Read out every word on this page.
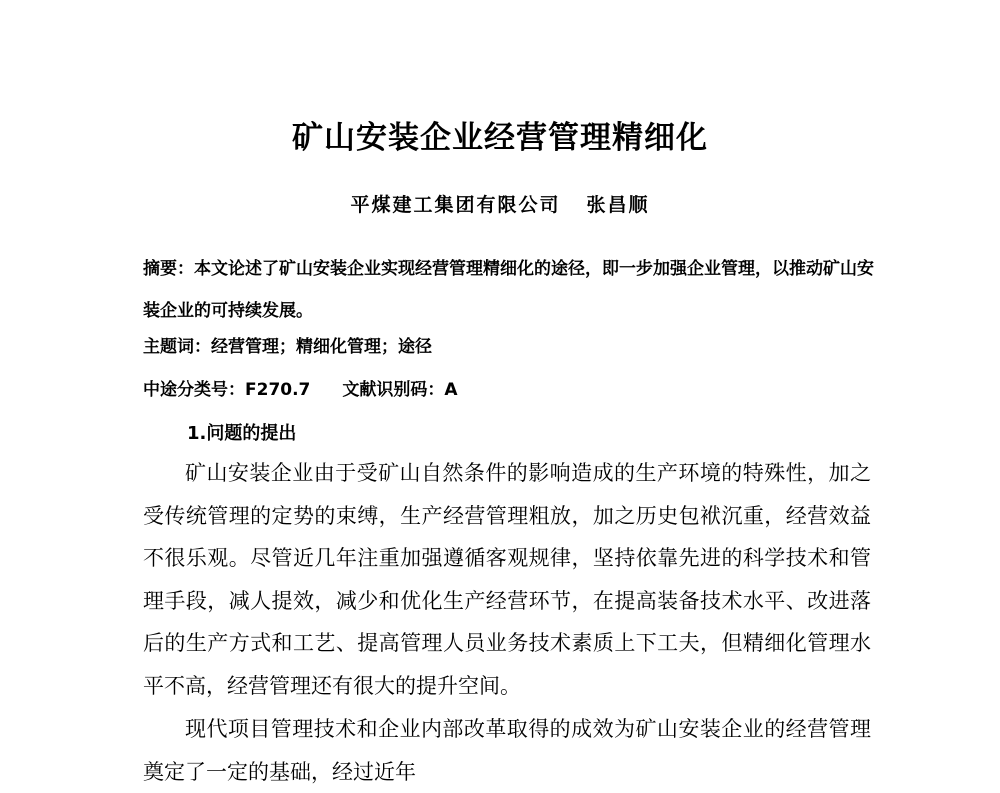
矿山安装企业经营管理精细化
平煤建工集团有限公司 张昌顺
摘要：本文论述了矿山安装企业实现经营管理精细化的途径，即一步加强企业管理，以推动矿山安装企业的可持续发展。
主题词：经营管理；精细化管理；途径
中途分类号：F270.7 文献识别码：A
1.问题的提出

矿山安装企业由于受矿山自然条件的影响造成的生产环境的特殊性，加之受传统管理的定势的束缚，生产经营管理粗放，加之历史包袱沉重，经营效益不很乐观。尽管近几年注重加强遵循客观规律，坚持依靠先进的科学技术和管理手段，减人提效，减少和优化生产经营环节，在提高装备技术水平、改进落后的生产方式和工艺、提高管理人员业务技术素质上下工夫，但精细化管理水平不高，经营管理还有很大的提升空间。

现代项目管理技术和企业内部改革取得的成效为矿山安装企业的经营管理奠定了一定的基础，经过近年
